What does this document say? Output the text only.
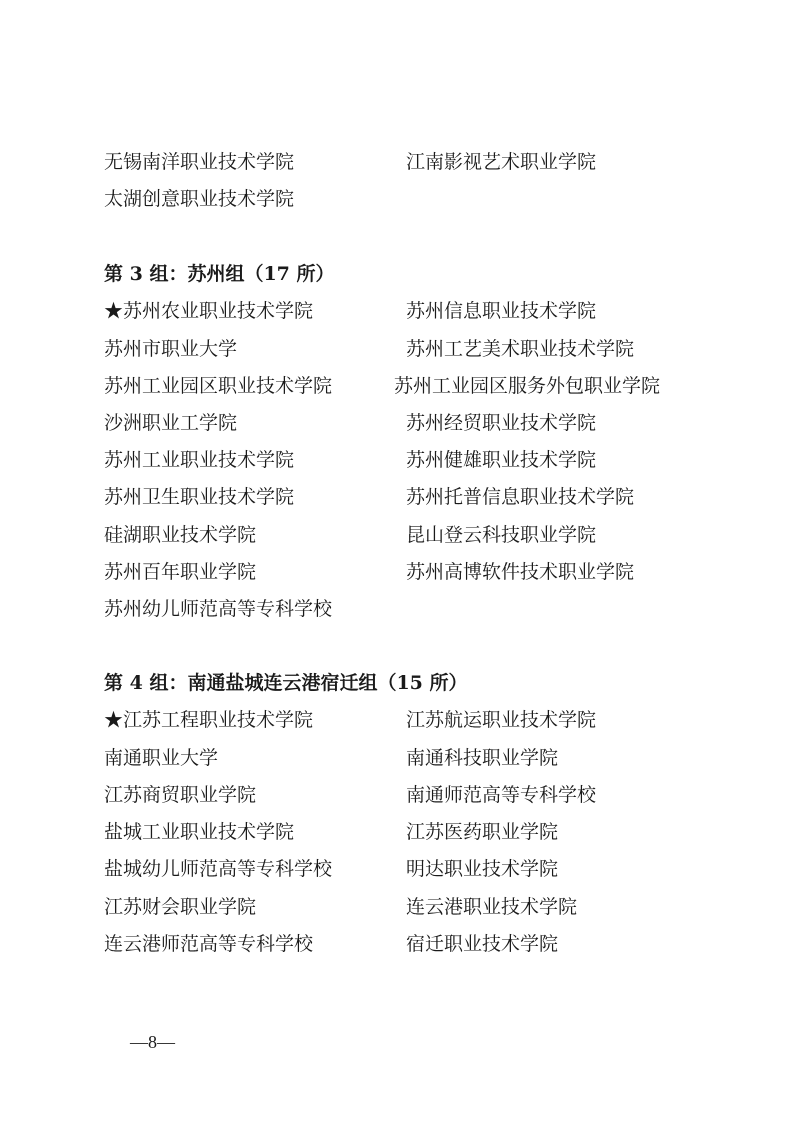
无锡南洋职业技术学院	江南影视艺术职业学院
太湖创意职业技术学院
第 3 组：苏州组（17 所）
★苏州农业职业技术学院	苏州信息职业技术学院
苏州市职业大学	苏州工艺美术职业技术学院
苏州工业园区职业技术学院	苏州工业园区服务外包职业学院
沙洲职业工学院	苏州经贸职业技术学院
苏州工业职业技术学院	苏州健雄职业技术学院
苏州卫生职业技术学院	苏州托普信息职业技术学院
硅湖职业技术学院	昆山登云科技职业学院
苏州百年职业学院	苏州高博软件技术职业学院
苏州幼儿师范高等专科学校
第 4 组：南通盐城连云港宿迁组（15 所）
★江苏工程职业技术学院	江苏航运职业技术学院
南通职业大学	南通科技职业学院
江苏商贸职业学院	南通师范高等专科学校
盐城工业职业技术学院	江苏医药职业学院
盐城幼儿师范高等专科学校	明达职业技术学院
江苏财会职业学院	连云港职业技术学院
连云港师范高等专科学校	宿迁职业技术学院
—8—
